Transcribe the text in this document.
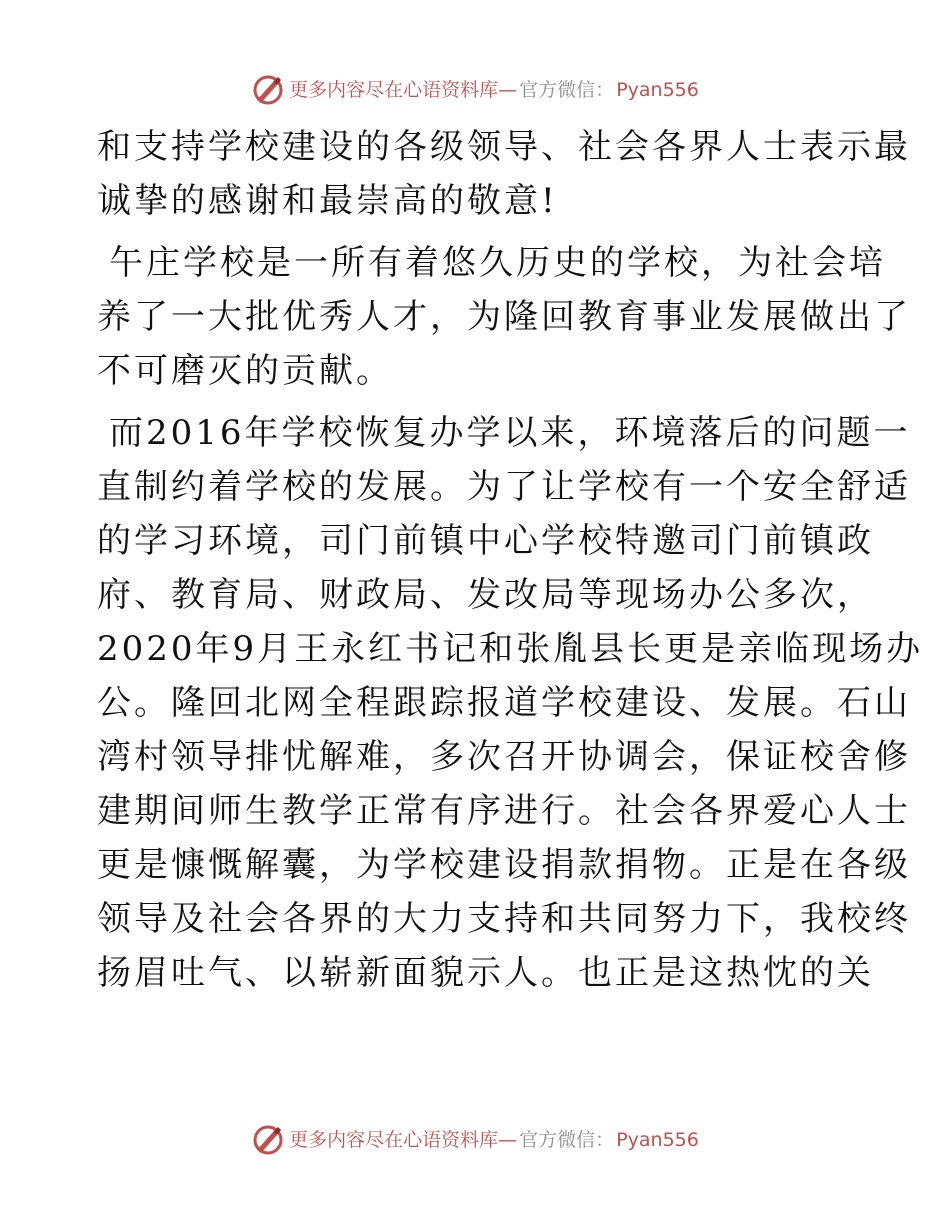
更多内容尽在心语资料库 — 官方微信： Pyan556

和支持学校建设的各级领导、社会各界人士表示最
诚挚的感谢和最崇高的敬意!

午庄学校是一所有着悠久历史的学校，为社会培
养了一大批优秀人才，为隆回教育事业发展做出了
不可磨灭的贡献。

而2016年学校恢复办学以来，环境落后的问题一
直制约着学校的发展。为了让学校有一个安全舒适
的学习环境，司门前镇中心学校特邀司门前镇政
府、教育局、财政局、发改局等现场办公多次，
2020年9月王永红书记和张胤县长更是亲临现场办
公。隆回北网全程跟踪报道学校建设、发展。石山
湾村领导排忧解难，多次召开协调会，保证校舍修
建期间师生教学正常有序进行。社会各界爱心人士
更是慷慨解囊，为学校建设捐款捐物。正是在各级
领导及社会各界的大力支持和共同努力下，我校终
扬眉吐气、以崭新面貌示人。也正是这热忱的关

更多内容尽在心语资料库 — 官方微信： Pyan556
